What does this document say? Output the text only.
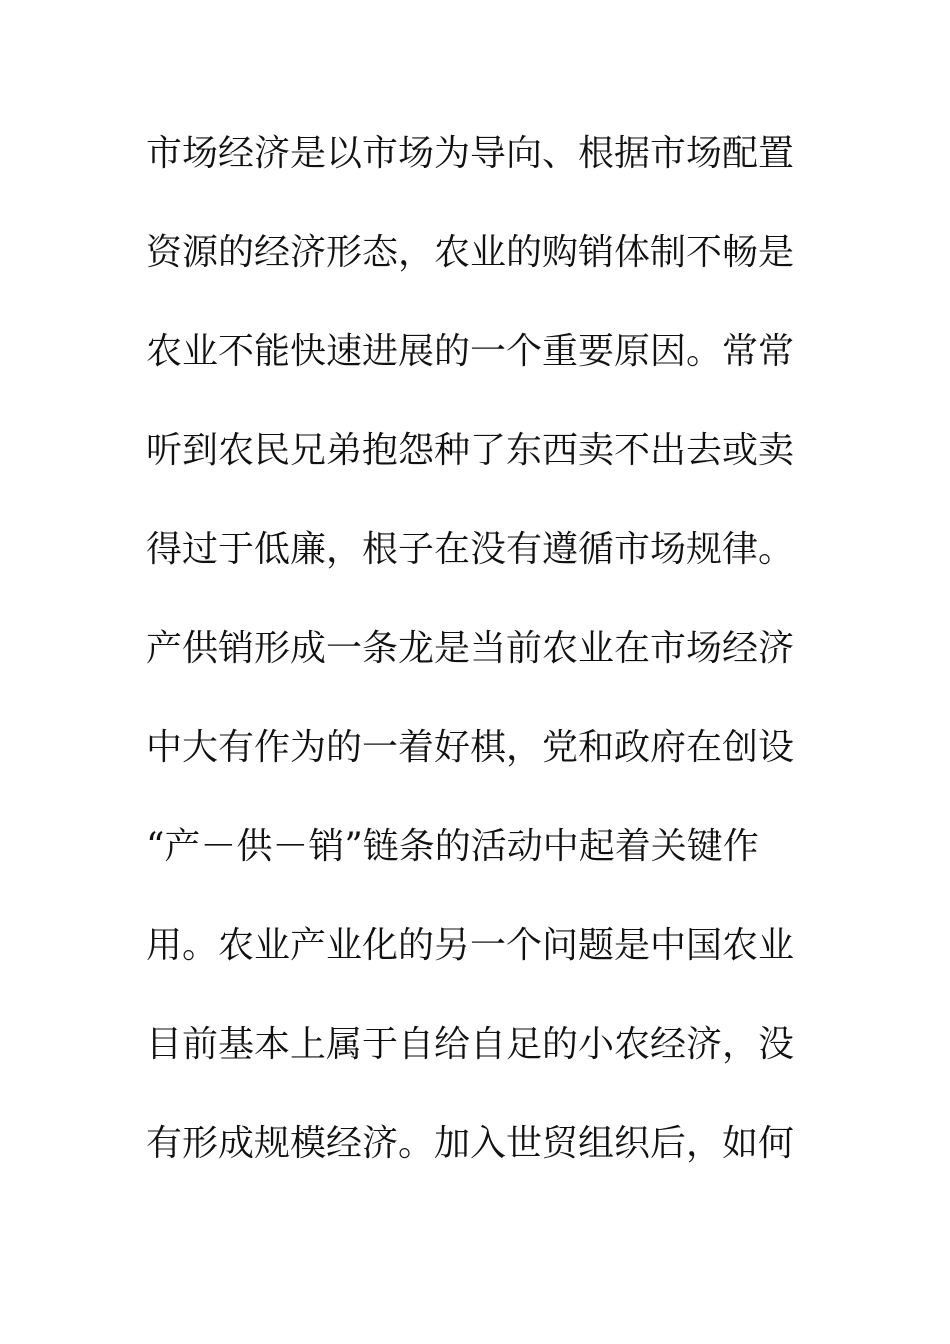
市场经济是以市场为导向、根据市场配置
资源的经济形态，农业的购销体制不畅是
农业不能快速进展的一个重要原因。常常
听到农民兄弟抱怨种了东西卖不出去或卖
得过于低廉，根子在没有遵循市场规律。
产供销形成一条龙是当前农业在市场经济
中大有作为的一着好棋，党和政府在创设
“产－供－销”链条的活动中起着关键作
用。农业产业化的另一个问题是中国农业
目前基本上属于自给自足的小农经济，没
有形成规模经济。加入世贸组织后，如何
